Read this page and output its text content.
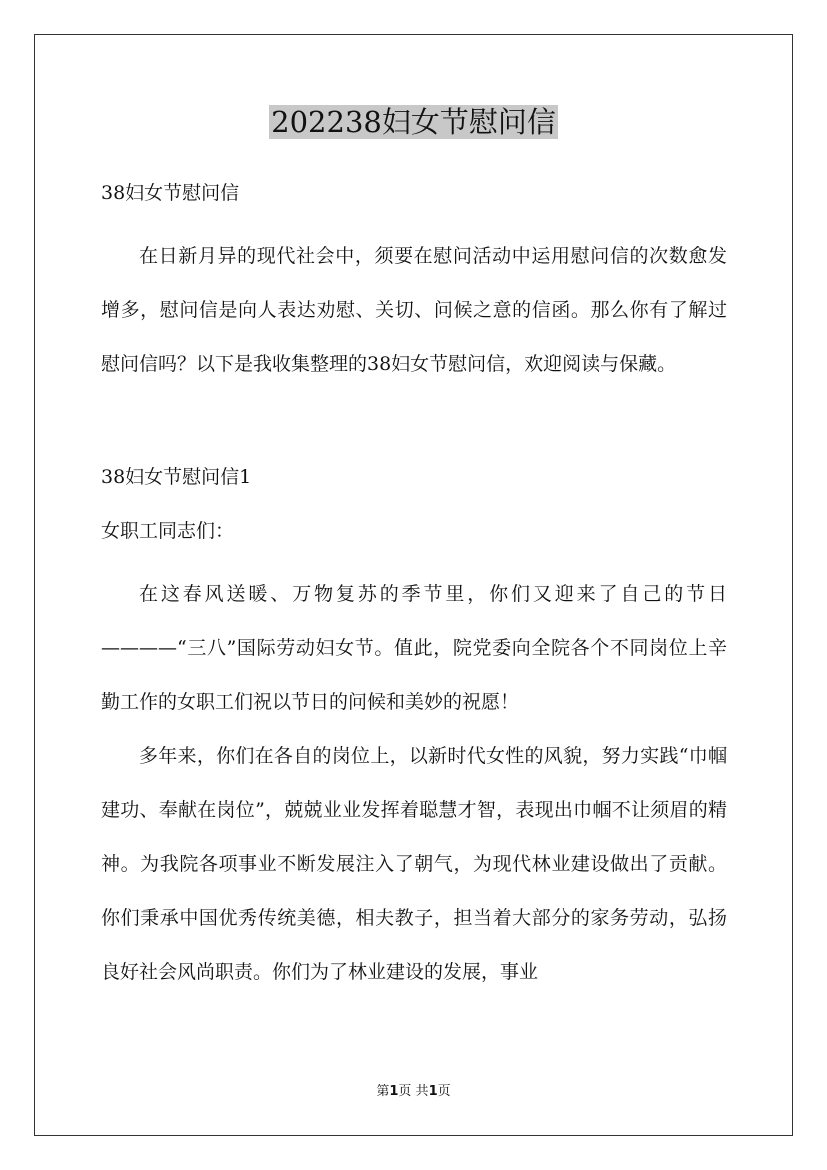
202238妇女节慰问信

38妇女节慰问信

在日新月异的现代社会中，须要在慰问活动中运用慰问信的次数愈发增多，慰问信是向人表达劝慰、关切、问候之意的信函。那么你有了解过慰问信吗？以下是我收集整理的38妇女节慰问信，欢迎阅读与保藏。

38妇女节慰问信1

女职工同志们：

在这春风送暖、万物复苏的季节里，你们又迎来了自己的节日————“三八”国际劳动妇女节。值此，院党委向全院各个不同岗位上辛勤工作的女职工们祝以节日的问候和美妙的祝愿！

多年来，你们在各自的岗位上，以新时代女性的风貌，努力实践“巾帼建功、奉献在岗位”，兢兢业业发挥着聪慧才智，表现出巾帼不让须眉的精神。为我院各项事业不断发展注入了朝气，为现代林业建设做出了贡献。你们秉承中国优秀传统美德，相夫教子，担当着大部分的家务劳动，弘扬良好社会风尚职责。你们为了林业建设的发展，事业

第1页 共1页
